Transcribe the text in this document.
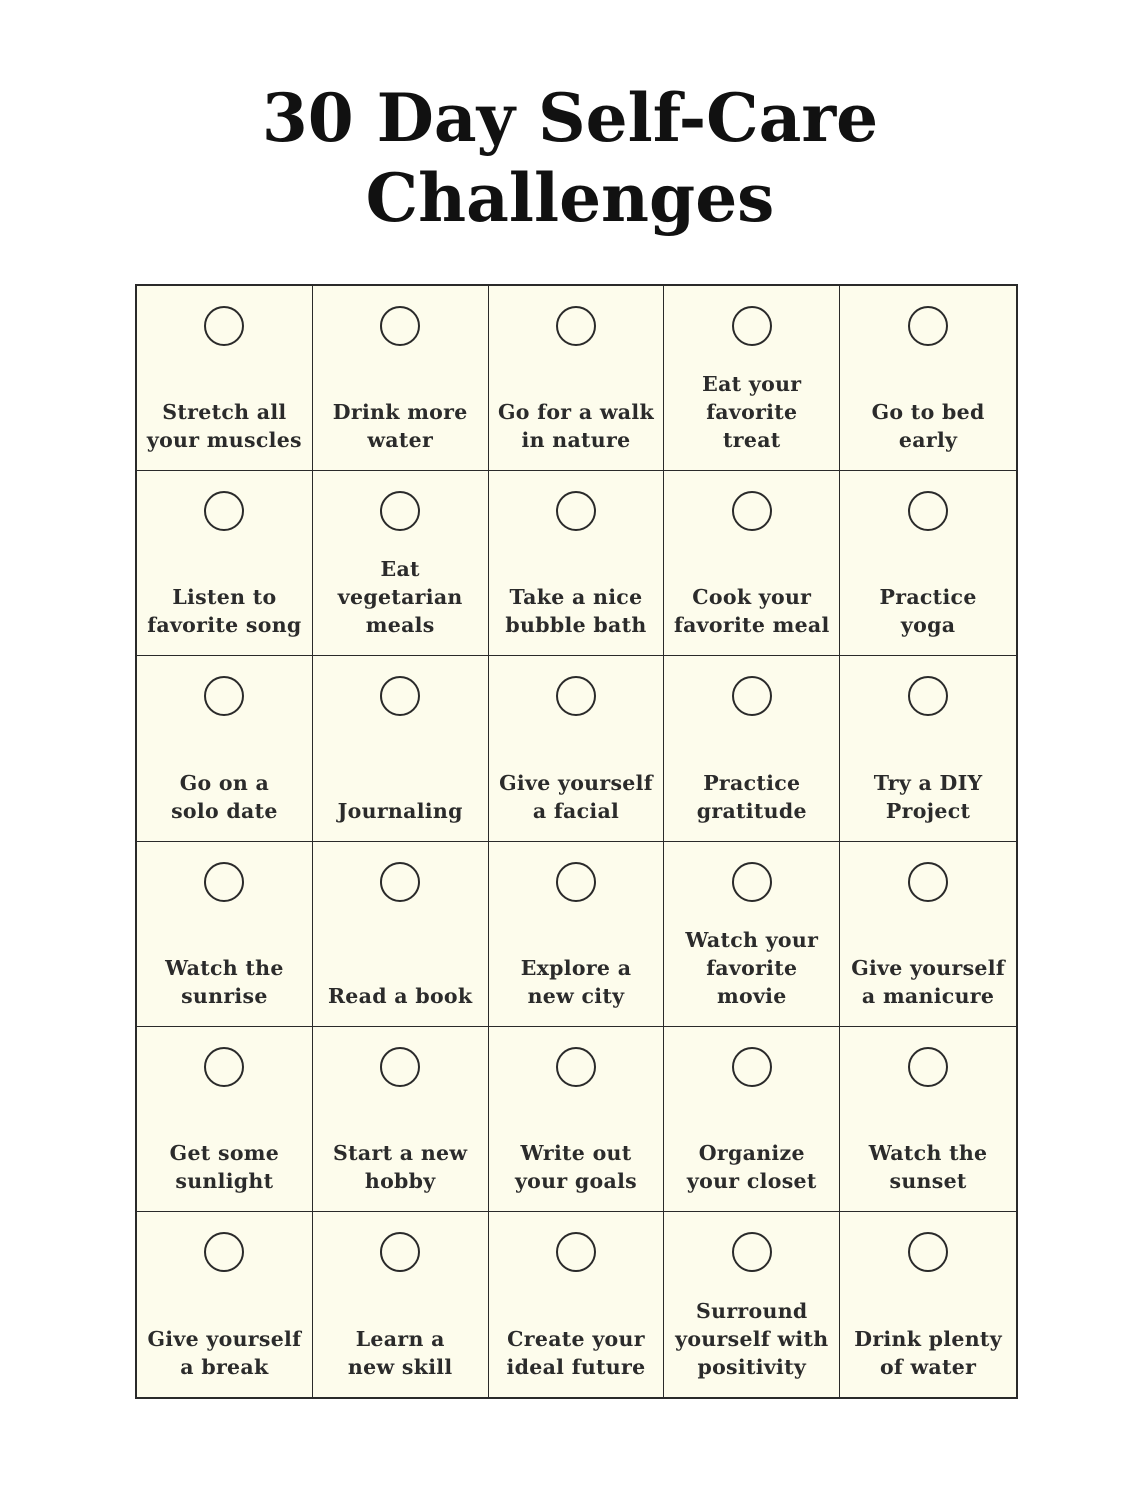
30 Day Self-Care
Challenges
Stretch all
your muscles
Drink more
water
Go for a walk
in nature
Eat your
favorite
treat
Go to bed
early
Listen to
favorite song
Eat
vegetarian
meals
Take a nice
bubble bath
Cook your
favorite meal
Practice
yoga
Go on a
solo date	Journaling
Give yourself
a facial
Practice
gratitude
Try a DIY
Project
Watch the
sunrise	Read a book
Explore a
new city
Watch your
favorite
movie
Give yourself
a manicure
Get some
sunlight
Start a new
hobby
Write out
your goals
Organize
your closet
Watch the
sunset
Give yourself
a break
Learn a
new skill
Create your
ideal future
Surround
yourself with
positivity
Drink plenty
of water
